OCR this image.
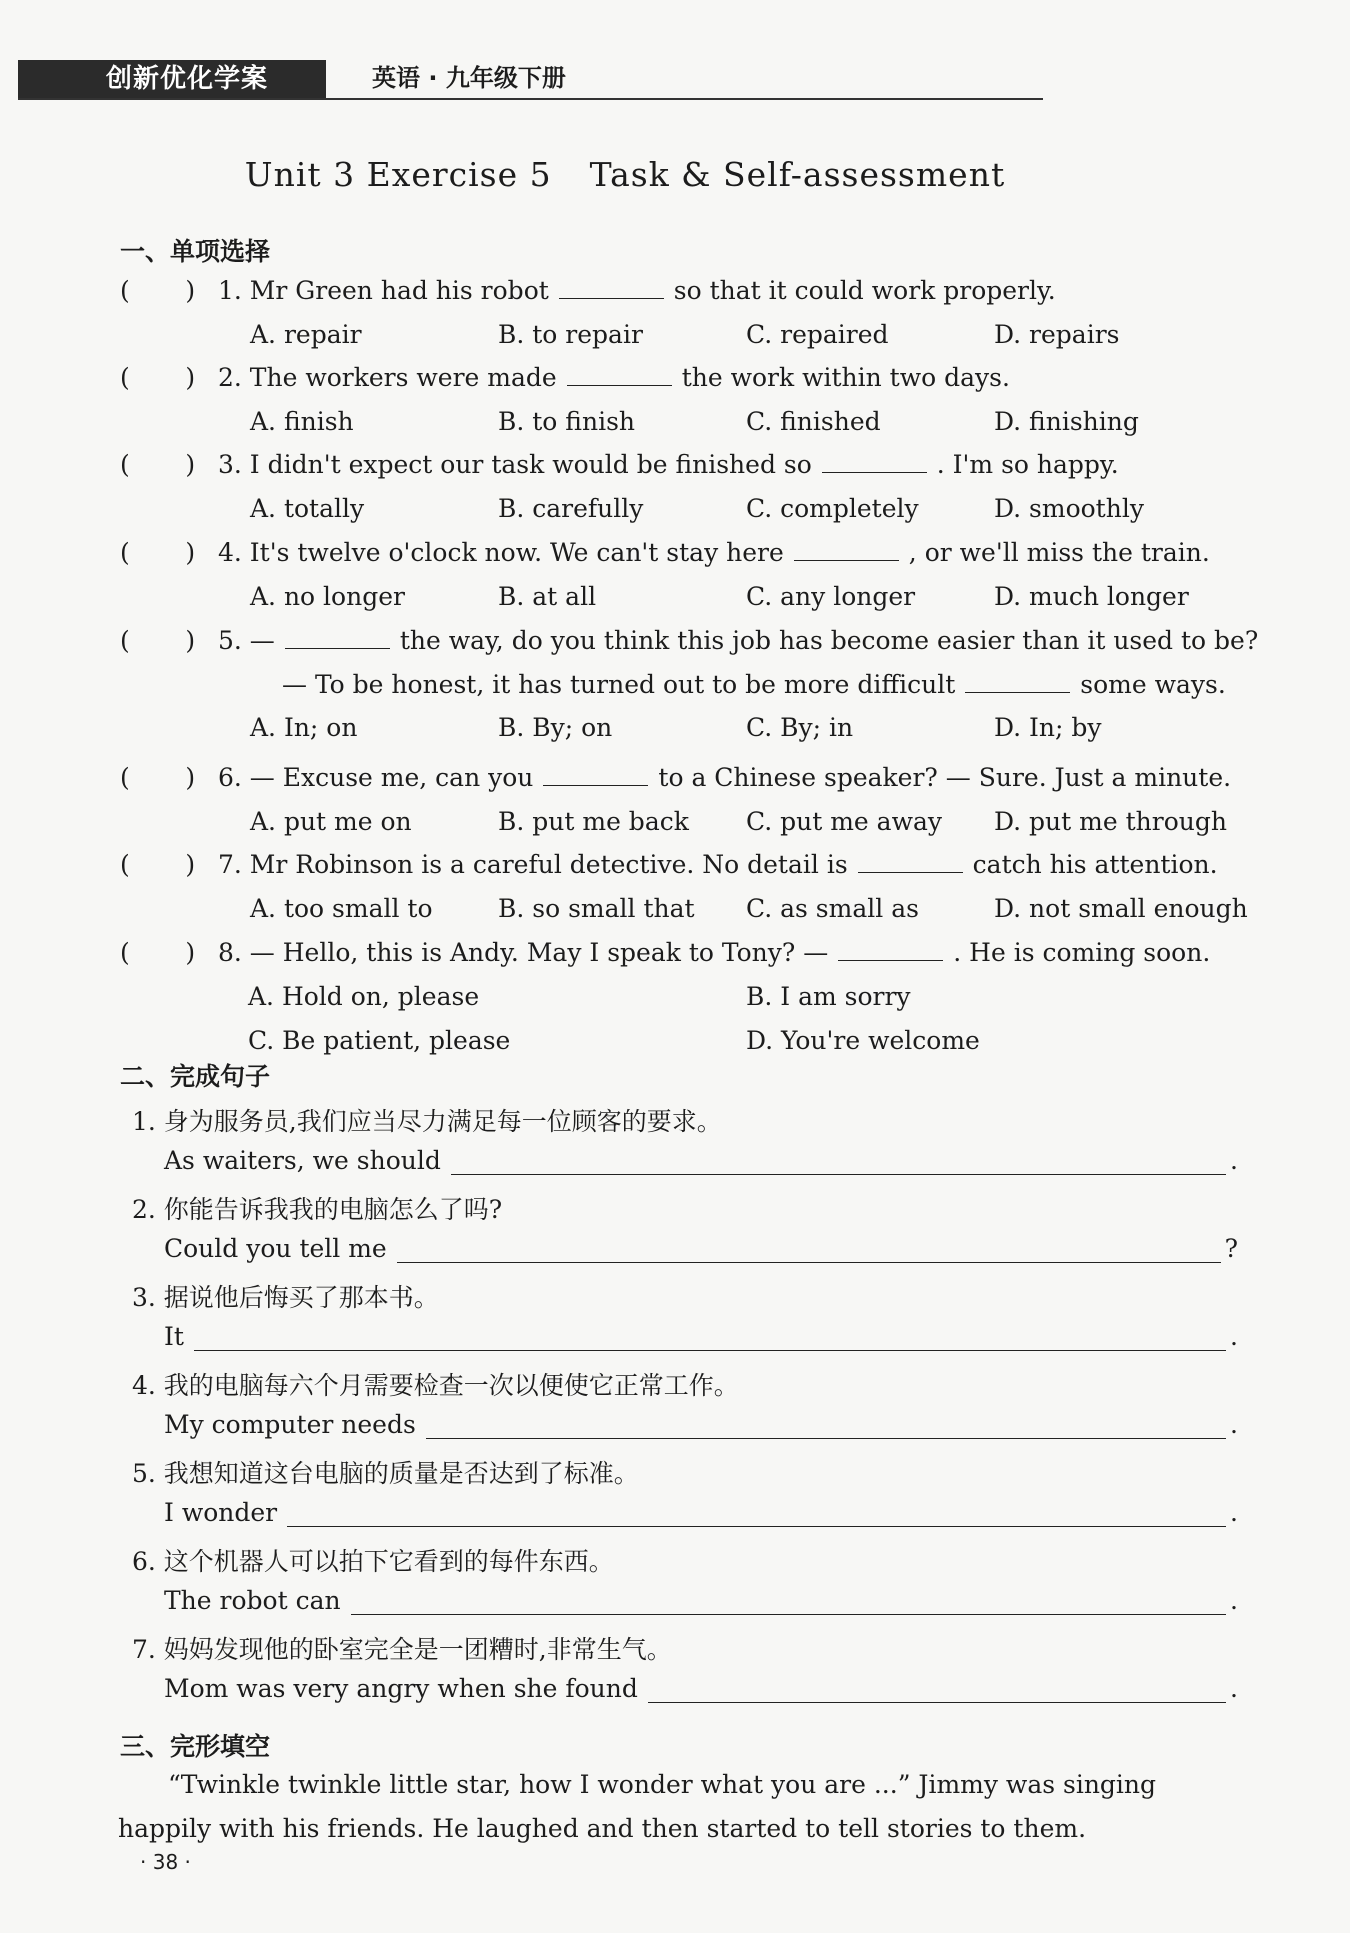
创新优化学案	英语 · 九年级下册
Unit 3 Exercise 5 Task & Self-assessment
一、单项选择
(       ) 1. Mr Green had his robot	so that it could work properly.
A. repair	B. to repair	C. repaired	D. repairs
(       ) 2. The workers were made	the work within two days.
A. finish	B. to finish	C. finished	D. finishing
(       ) 3. I didn't expect our task would be finished so	. I'm so happy.
A. totally	B. carefully	C. completely	D. smoothly
(       ) 4. It's twelve o'clock now. We can't stay here	, or we'll miss the train.
A. no longer	B. at all	C. any longer	D. much longer
(       ) 5. —	the way, do you think this job has become easier than it used to be?
— To be honest, it has turned out to be more difficult	some ways.
A. In; on	B. By; on	C. By; in	D. In; by
(       ) 6. — Excuse me, can you	to a Chinese speaker? — Sure. Just a minute.
A. put me on	B. put me back C. put me away D. put me through
(       ) 7. Mr Robinson is a careful detective. No detail is	catch his attention.
A. too small to	B. so small that C. as small as	D. not small enough
(       ) 8. — Hello, this is Andy. May I speak to Tony? —	. He is coming soon.
A. Hold on, please	B. I am sorry
C. Be patient, please	D. You're welcome
二、完成句子
1. 身为服务员,我们应当尽力满足每一位顾客的要求。
As waiters, we should	.
2. 你能告诉我我的电脑怎么了吗?
Could you tell me	?
3. 据说他后悔买了那本书。
It	.
4. 我的电脑每六个月需要检查一次以便使它正常工作。
My computer needs	.
5. 我想知道这台电脑的质量是否达到了标准。
I wonder	.
6. 这个机器人可以拍下它看到的每件东西。
The robot can	.
7. 妈妈发现他的卧室完全是一团糟时,非常生气。
Mom was very angry when she found	.
三、完形填空
“Twinkle twinkle little star, how I wonder what you are ...” Jimmy was singing happily with his friends. He laughed and then started to tell stories to them.
· 38 ·
